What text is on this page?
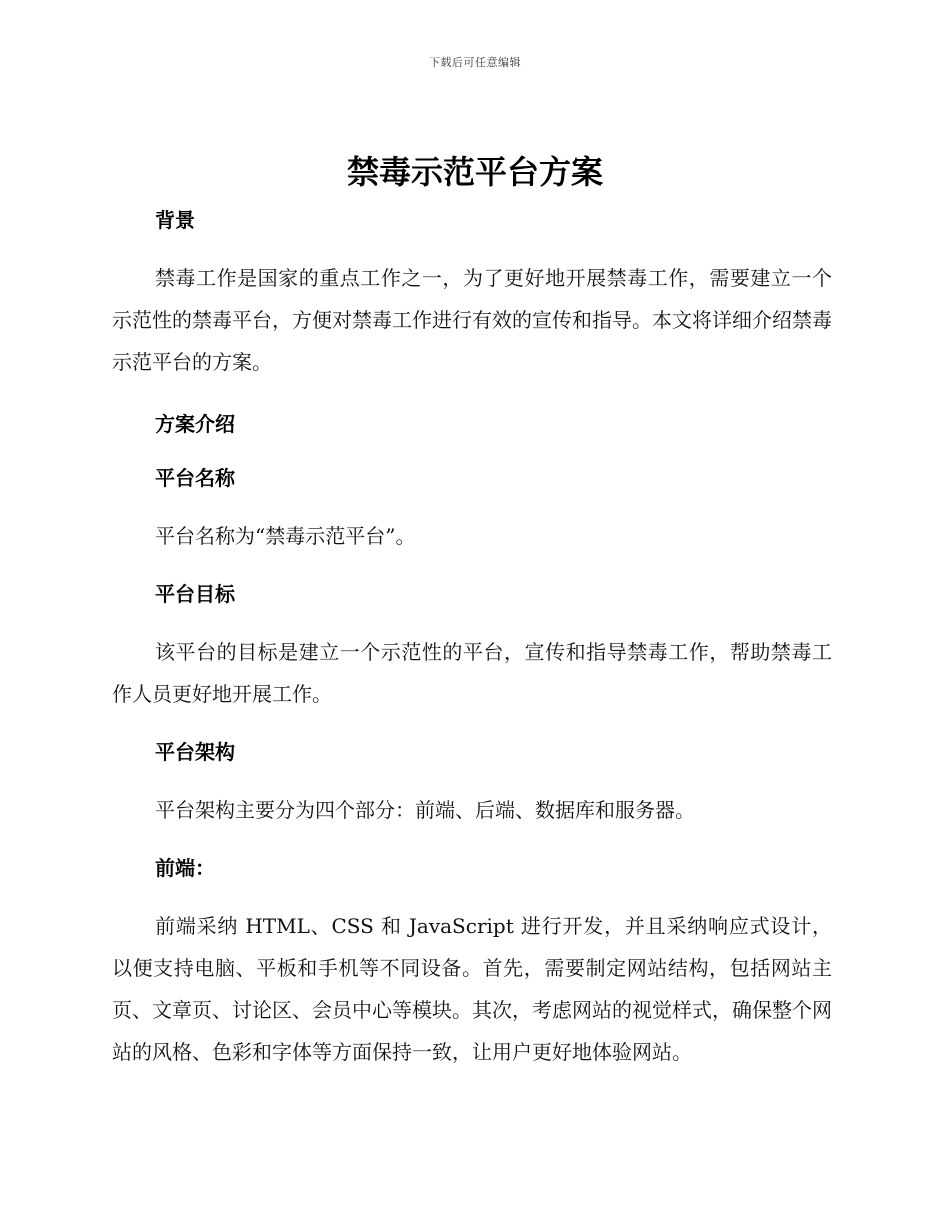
下载后可任意编辑
禁毒示范平台方案
背景

禁毒工作是国家的重点工作之一，为了更好地开展禁毒工作，需要建立一个示范性的禁毒平台，方便对禁毒工作进行有效的宣传和指导。本文将详细介绍禁毒示范平台的方案。

方案介绍
平台名称

平台名称为“禁毒示范平台”。

平台目标

该平台的目标是建立一个示范性的平台，宣传和指导禁毒工作，帮助禁毒工作人员更好地开展工作。

平台架构

平台架构主要分为四个部分：前端、后端、数据库和服务器。

前端：

前端采纳 HTML、CSS 和 JavaScript 进行开发，并且采纳响应式设计，以便支持电脑、平板和手机等不同设备。首先，需要制定网站结构，包括网站主页、文章页、讨论区、会员中心等模块。其次，考虑网站的视觉样式，确保整个网站的风格、色彩和字体等方面保持一致，让用户更好地体验网站。
